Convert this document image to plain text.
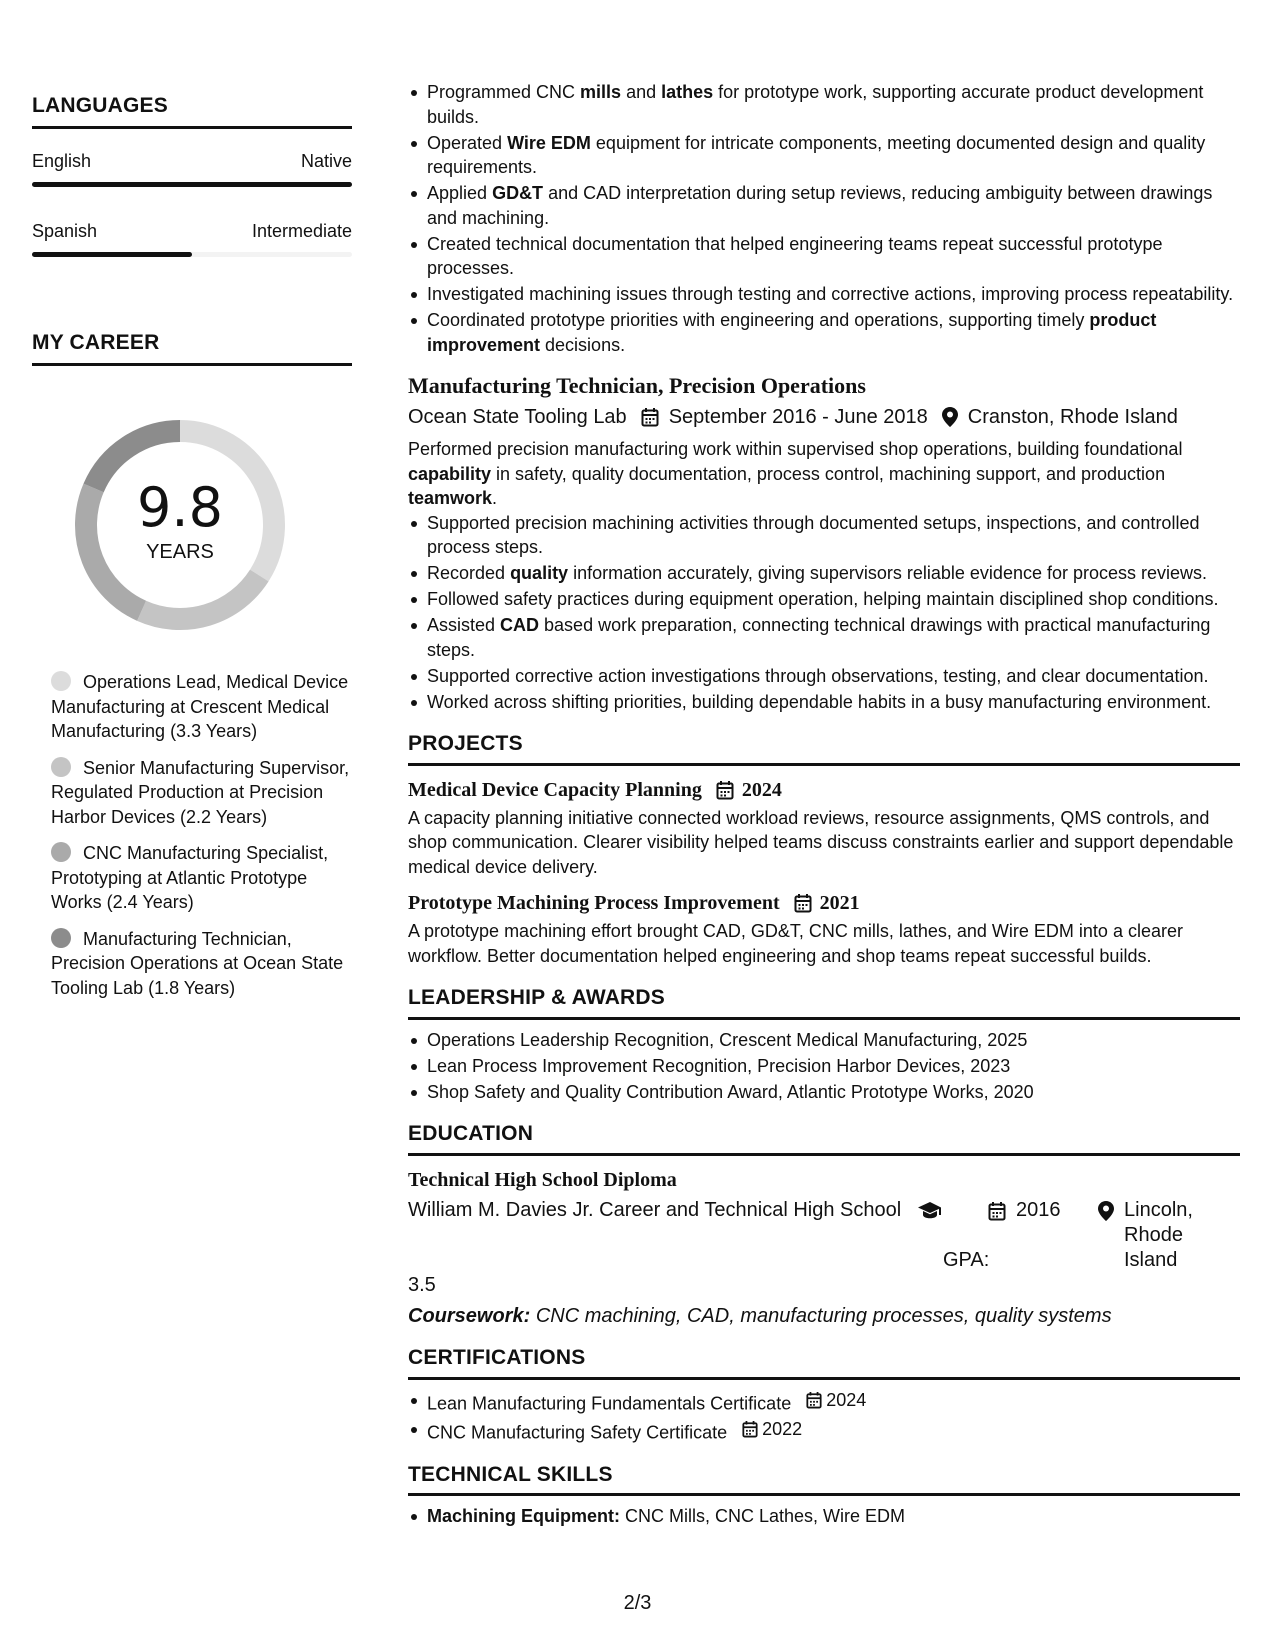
LANGUAGES
English	Native
Spanish	Intermediate
MY CAREER
9.8
YEARS
Operations Lead, Medical Device Manufacturing at Crescent Medical Manufacturing (3.3 Years)
Senior Manufacturing Supervisor, Regulated Production at Precision Harbor Devices (2.2 Years)
CNC Manufacturing Specialist, Prototyping at Atlantic Prototype Works (2.4 Years)
Manufacturing Technician, Precision Operations at Ocean State Tooling Lab (1.8 Years)
Programmed CNC mills and lathes for prototype work, supporting accurate product development builds.
Operated Wire EDM equipment for intricate components, meeting documented design and quality requirements.
Applied GD&T and CAD interpretation during setup reviews, reducing ambiguity between drawings and machining.
Created technical documentation that helped engineering teams repeat successful prototype processes.
Investigated machining issues through testing and corrective actions, improving process repeatability.
Coordinated prototype priorities with engineering and operations, supporting timely product improvement decisions.
Manufacturing Technician, Precision Operations
Ocean State Tooling Lab September 2016 - June 2018 Cranston, Rhode Island
Performed precision manufacturing work within supervised shop operations, building foundational capability in safety, quality documentation, process control, machining support, and production teamwork.
Supported precision machining activities through documented setups, inspections, and controlled process steps.
Recorded quality information accurately, giving supervisors reliable evidence for process reviews.
Followed safety practices during equipment operation, helping maintain disciplined shop conditions.
Assisted CAD based work preparation, connecting technical drawings with practical manufacturing steps.
Supported corrective action investigations through observations, testing, and clear documentation.
Worked across shifting priorities, building dependable habits in a busy manufacturing environment.
PROJECTS
Medical Device Capacity Planning 2024
A capacity planning initiative connected workload reviews, resource assignments, QMS controls, and shop communication. Clearer visibility helped teams discuss constraints earlier and support dependable medical device delivery.
Prototype Machining Process Improvement 2021
A prototype machining effort brought CAD, GD&T, CNC mills, lathes, and Wire EDM into a clearer workflow. Better documentation helped engineering and shop teams repeat successful builds.
LEADERSHIP & AWARDS
Operations Leadership Recognition, Crescent Medical Manufacturing, 2025
Lean Process Improvement Recognition, Precision Harbor Devices, 2023
Shop Safety and Quality Contribution Award, Atlantic Prototype Works, 2020
EDUCATION
Technical High School Diploma
William M. Davies Jr. Career and Technical High School	2016	Lincoln, Rhode Island
GPA:
3.5
Coursework: CNC machining, CAD, manufacturing processes, quality systems
CERTIFICATIONS
Lean Manufacturing Fundamentals Certificate 2024
CNC Manufacturing Safety Certificate 2022
TECHNICAL SKILLS
Machining Equipment: CNC Mills, CNC Lathes, Wire EDM
2/3
